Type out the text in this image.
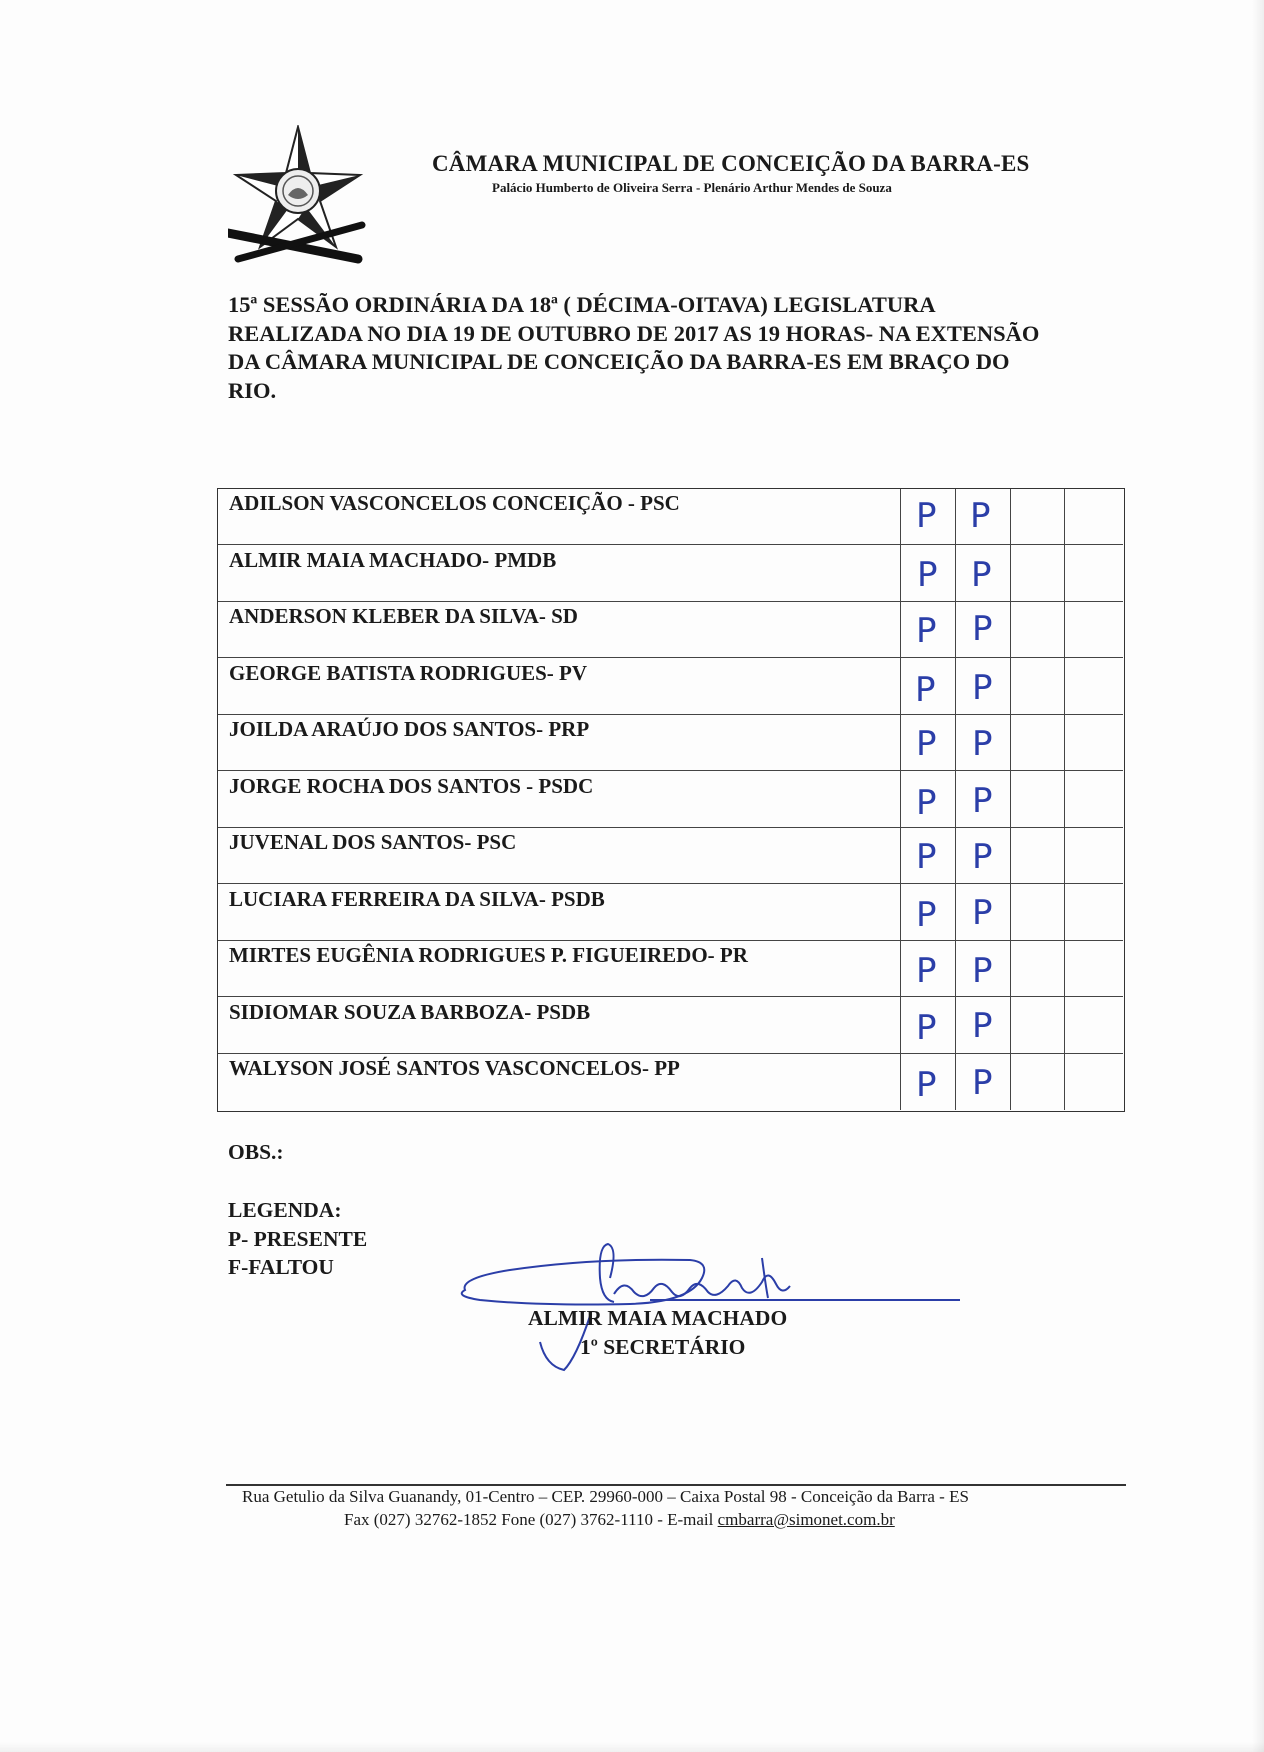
CÂMARA MUNICIPAL DE CONCEIÇÃO DA BARRA-ES
Palácio Humberto de Oliveira Serra - Plenário Arthur Mendes de Souza
15ª SESSÃO ORDINÁRIA DA 18ª ( DÉCIMA-OITAVA) LEGISLATURA
REALIZADA NO DIA 19 DE OUTUBRO DE 2017 AS 19 HORAS- NA EXTENSÃO
DA CÂMARA MUNICIPAL DE CONCEIÇÃO DA BARRA-ES EM BRAÇO DO
RIO.
ADILSON VASCONCELOS CONCEIÇÃO - PSC	P P
ALMIR MAIA MACHADO- PMDB	P P
ANDERSON KLEBER DA SILVA- SD	P P
GEORGE BATISTA RODRIGUES- PV	P P
JOILDA ARAÚJO DOS SANTOS- PRP	P P
JORGE ROCHA DOS SANTOS - PSDC	P P
JUVENAL DOS SANTOS- PSC	P P
LUCIARA FERREIRA DA SILVA- PSDB	P P
MIRTES EUGÊNIA RODRIGUES P. FIGUEIREDO- PR	P P
SIDIOMAR SOUZA BARBOZA- PSDB	P P
WALYSON JOSÉ SANTOS VASCONCELOS- PP	P P
OBS.:
LEGENDA:
P- PRESENTE
F-FALTOU
ALMIR MAIA MACHADO
1º SECRETÁRIO
Rua Getulio da Silva Guanandy, 01-Centro – CEP. 29960-000 – Caixa Postal 98 - Conceição da Barra - ES
Fax (027) 32762-1852 Fone (027) 3762-1110 - E-mail cmbarra@simonet.com.br
